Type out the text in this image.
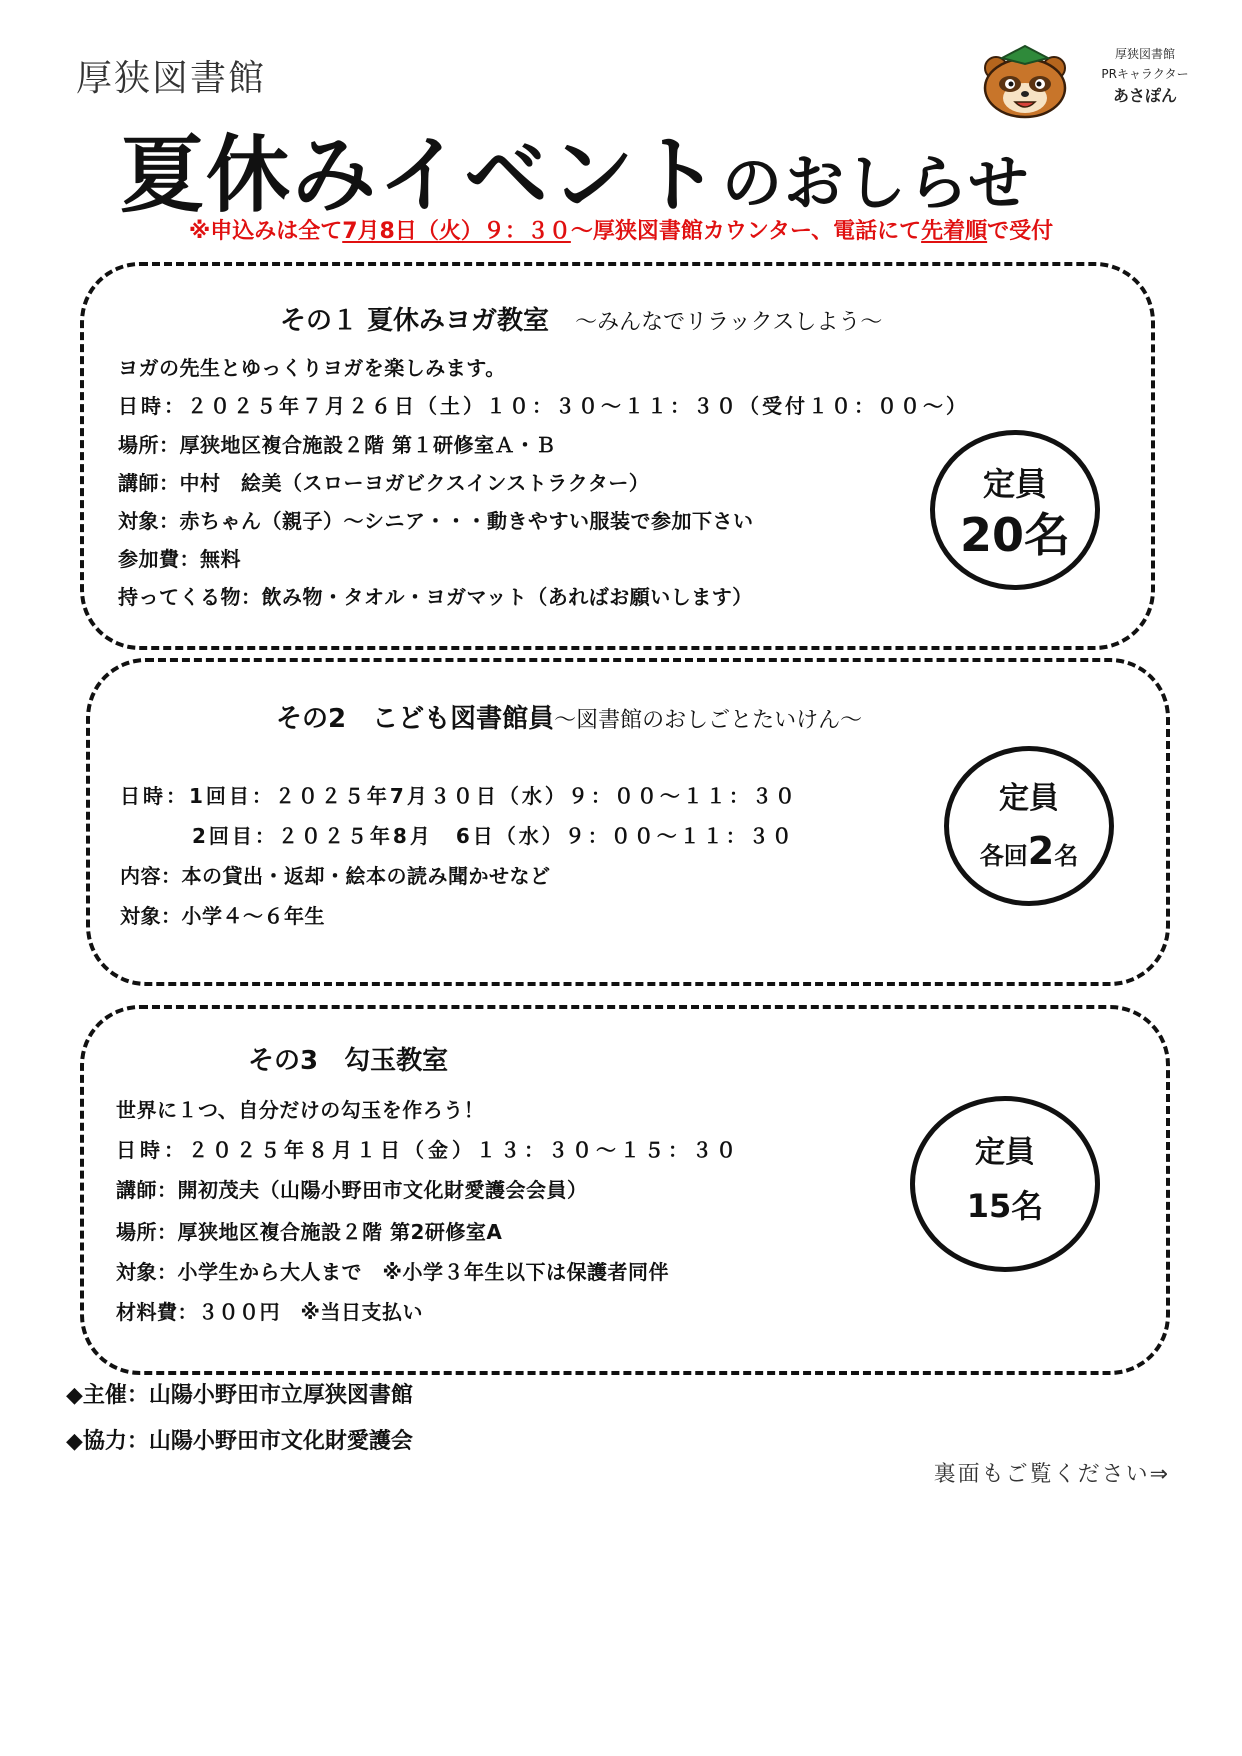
厚狭図書館
厚狭図書館
PRキャラクター
あさぽん
夏休みイベントのおしらせ
※申込みは全て7月8日（火）９：３０～厚狭図書館カウンター、電話にて先着順で受付
その１ 夏休みヨガ教室　 ～みんなでリラックスしよう～
ヨガの先生とゆっくりヨガを楽しみます。
日時：２０２５年７月２６日（土）１０：３０～１１：３０（受付１０：００～）
場所：厚狭地区複合施設２階 第１研修室Ａ・Ｂ
講師：中村　絵美（スローヨガビクスインストラクター）
対象：赤ちゃん（親子）～シニア・・・動きやすい服装で参加下さい
参加費：無料
持ってくる物：飲み物・タオル・ヨガマット（あればお願いします）
定員
20名
その2　こども図書館員～図書館のおしごとたいけん～
日時：1回目：２０２５年7月３０日（水）９：００～１１：３０
2回目：２０２５年8月　6日（水）９：００～１１：３０
内容：本の貸出・返却・絵本の読み聞かせなど
対象：小学４～６年生
定員
各回2名
その3　勾玉教室
世界に１つ、自分だけの勾玉を作ろう！
日時：２０２５年８月１日（金）１３：３０～１５：３０
講師：開初茂夫（山陽小野田市文化財愛護会会員）
場所：厚狭地区複合施設２階 第2研修室A
対象：小学生から大人まで　※小学３年生以下は保護者同伴
材料費：３００円　※当日支払い
定員
15名
◆主催：山陽小野田市立厚狭図書館
◆協力：山陽小野田市文化財愛護会
裏面もご覧ください⇒
